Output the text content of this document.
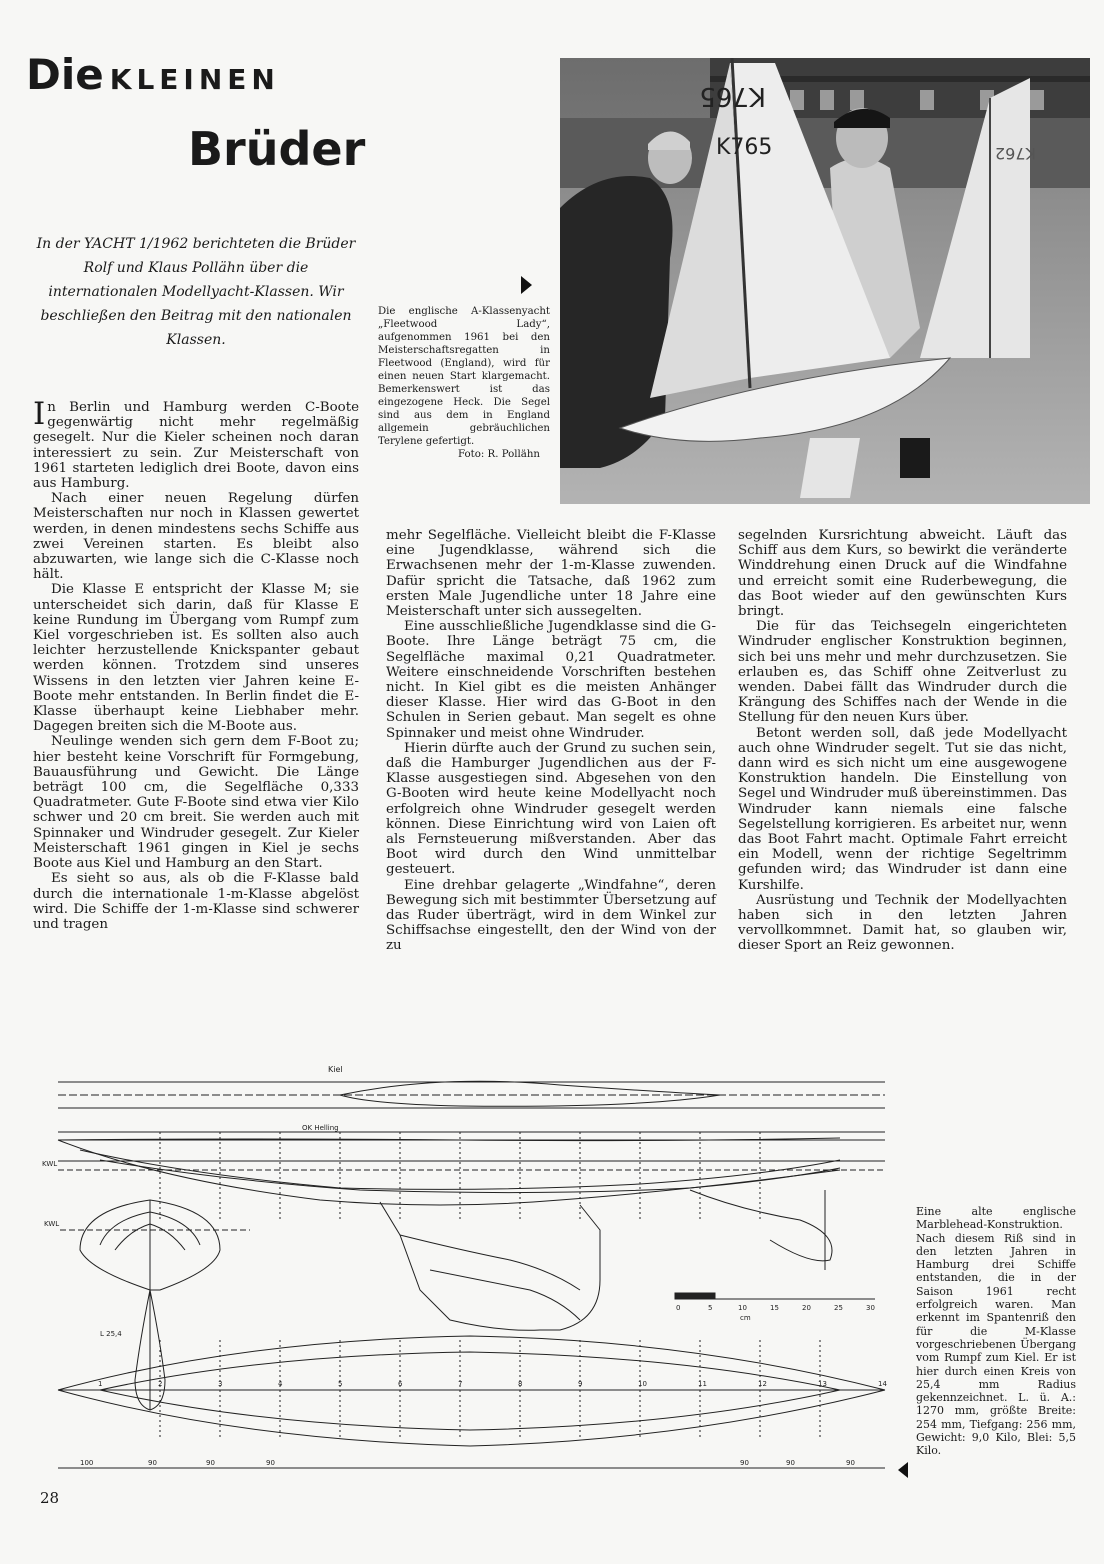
Die KLEINEN
Brüder
In der YACHT 1/1962 berichteten die Brüder Rolf und Klaus Pollähn über die internationalen Modellyacht-Klassen. Wir beschließen den Beitrag mit den nationalen Klassen.
K765
K765	K762
Die englische A-Klassenyacht „Fleetwood Lady“, aufgenommen 1961 bei den Meisterschaftsregatten in Fleetwood (England), wird für einen neuen Start klargemacht. Bemerkenswert ist das eingezogene Heck. Die Segel sind aus dem in England allgemein gebräuchlichen Terylene gefertigt.
Foto: R. Pollähn

In Berlin und Hamburg werden C-Boote gegenwärtig nicht mehr regelmäßig gesegelt. Nur die Kieler scheinen noch daran interessiert zu sein. Zur Meisterschaft von 1961 starteten lediglich drei Boote, davon eins aus Hamburg.

Nach einer neuen Regelung dürfen Meisterschaften nur noch in Klassen gewertet werden, in denen mindestens sechs Schiffe aus zwei Vereinen starten. Es bleibt also abzuwarten, wie lange sich die C-Klasse noch hält.

Die Klasse E entspricht der Klasse M; sie unterscheidet sich darin, daß für Klasse E keine Rundung im Übergang vom Rumpf zum Kiel vorgeschrieben ist. Es sollten also auch leichter herzustellende Knickspanter gebaut werden können. Trotzdem sind unseres Wissens in den letzten vier Jahren keine E-Boote mehr entstanden. In Berlin findet die E-Klasse überhaupt keine Liebhaber mehr. Dagegen breiten sich die M-Boote aus.

Neulinge wenden sich gern dem F-Boot zu; hier besteht keine Vorschrift für Formgebung, Bauausführung und Gewicht. Die Länge beträgt 100 cm, die Segelfläche 0,333 Quadratmeter. Gute F-Boote sind etwa vier Kilo schwer und 20 cm breit. Sie werden auch mit Spinnaker und Windruder gesegelt. Zur Kieler Meisterschaft 1961 gingen in Kiel je sechs Boote aus Kiel und Hamburg an den Start.

Es sieht so aus, als ob die F-Klasse bald durch die internationale 1-m-Klasse abgelöst wird. Die Schiffe der 1-m-Klasse sind schwerer und tragen

mehr Segelfläche. Vielleicht bleibt die F-Klasse eine Jugendklasse, während sich die Erwachsenen mehr der 1-m-Klasse zuwenden. Dafür spricht die Tatsache, daß 1962 zum ersten Male Jugendliche unter 18 Jahre eine Meisterschaft unter sich aussegelten.

Eine ausschließliche Jugendklasse sind die G-Boote. Ihre Länge beträgt 75 cm, die Segelfläche maximal 0,21 Quadratmeter. Weitere einschneidende Vorschriften bestehen nicht. In Kiel gibt es die meisten Anhänger dieser Klasse. Hier wird das G-Boot in den Schulen in Serien gebaut. Man segelt es ohne Spinnaker und meist ohne Windruder.

Hierin dürfte auch der Grund zu suchen sein, daß die Hamburger Jugendlichen aus der F-Klasse ausgestiegen sind. Abgesehen von den G-Booten wird heute keine Modellyacht noch erfolgreich ohne Windruder gesegelt werden können. Diese Einrichtung wird von Laien oft als Fernsteuerung mißverstanden. Aber das Boot wird durch den Wind unmittelbar gesteuert.

Eine drehbar gelagerte „Windfahne“, deren Bewegung sich mit bestimmter Übersetzung auf das Ruder überträgt, wird in dem Winkel zur Schiffsachse eingestellt, den der Wind von der zu

segelnden Kursrichtung abweicht. Läuft das Schiff aus dem Kurs, so bewirkt die veränderte Winddrehung einen Druck auf die Windfahne und erreicht somit eine Ruderbewegung, die das Boot wieder auf den gewünschten Kurs bringt.

Die für das Teichsegeln eingerichteten Windruder englischer Konstruktion beginnen, sich bei uns mehr und mehr durchzusetzen. Sie erlauben es, das Schiff ohne Zeitverlust zu wenden. Dabei fällt das Windruder durch die Krängung des Schiffes nach der Wende in die Stellung für den neuen Kurs über.

Betont werden soll, daß jede Modellyacht auch ohne Windruder segelt. Tut sie das nicht, dann wird es sich nicht um eine ausgewogene Konstruktion handeln. Die Einstellung von Segel und Windruder muß übereinstimmen. Das Windruder kann niemals eine falsche Segelstellung korrigieren. Es arbeitet nur, wenn das Boot Fahrt macht. Optimale Fahrt erreicht ein Modell, wenn der richtige Segeltrimm gefunden wird; das Windruder ist dann eine Kurshilfe.

Ausrüstung und Technik der Modellyachten haben sich in den letzten Jahren vervollkommnet. Damit hat, so glauben wir, dieser Sport an Reiz gewonnen.

Kiel
OK Helling
KWL
KWL
L 25,4
0	5	10	15	20	25	30
cm
1	2	3	4	5	6	7	8	9	10	11	12	13	14
100	90	90	90	90	90	90
Eine alte englische Marblehead-Konstruktion. Nach diesem Riß sind in den letzten Jahren in Hamburg drei Schiffe entstanden, die in der Saison 1961 recht erfolgreich waren. Man erkennt im Spantenriß den für die M-Klasse vorgeschriebenen Übergang vom Rumpf zum Kiel. Er ist hier durch einen Kreis von 25,4 mm Radius gekennzeichnet. L. ü. A.: 1270 mm, größte Breite: 254 mm, Tiefgang: 256 mm, Gewicht: 9,0 Kilo, Blei: 5,5 Kilo.
28
